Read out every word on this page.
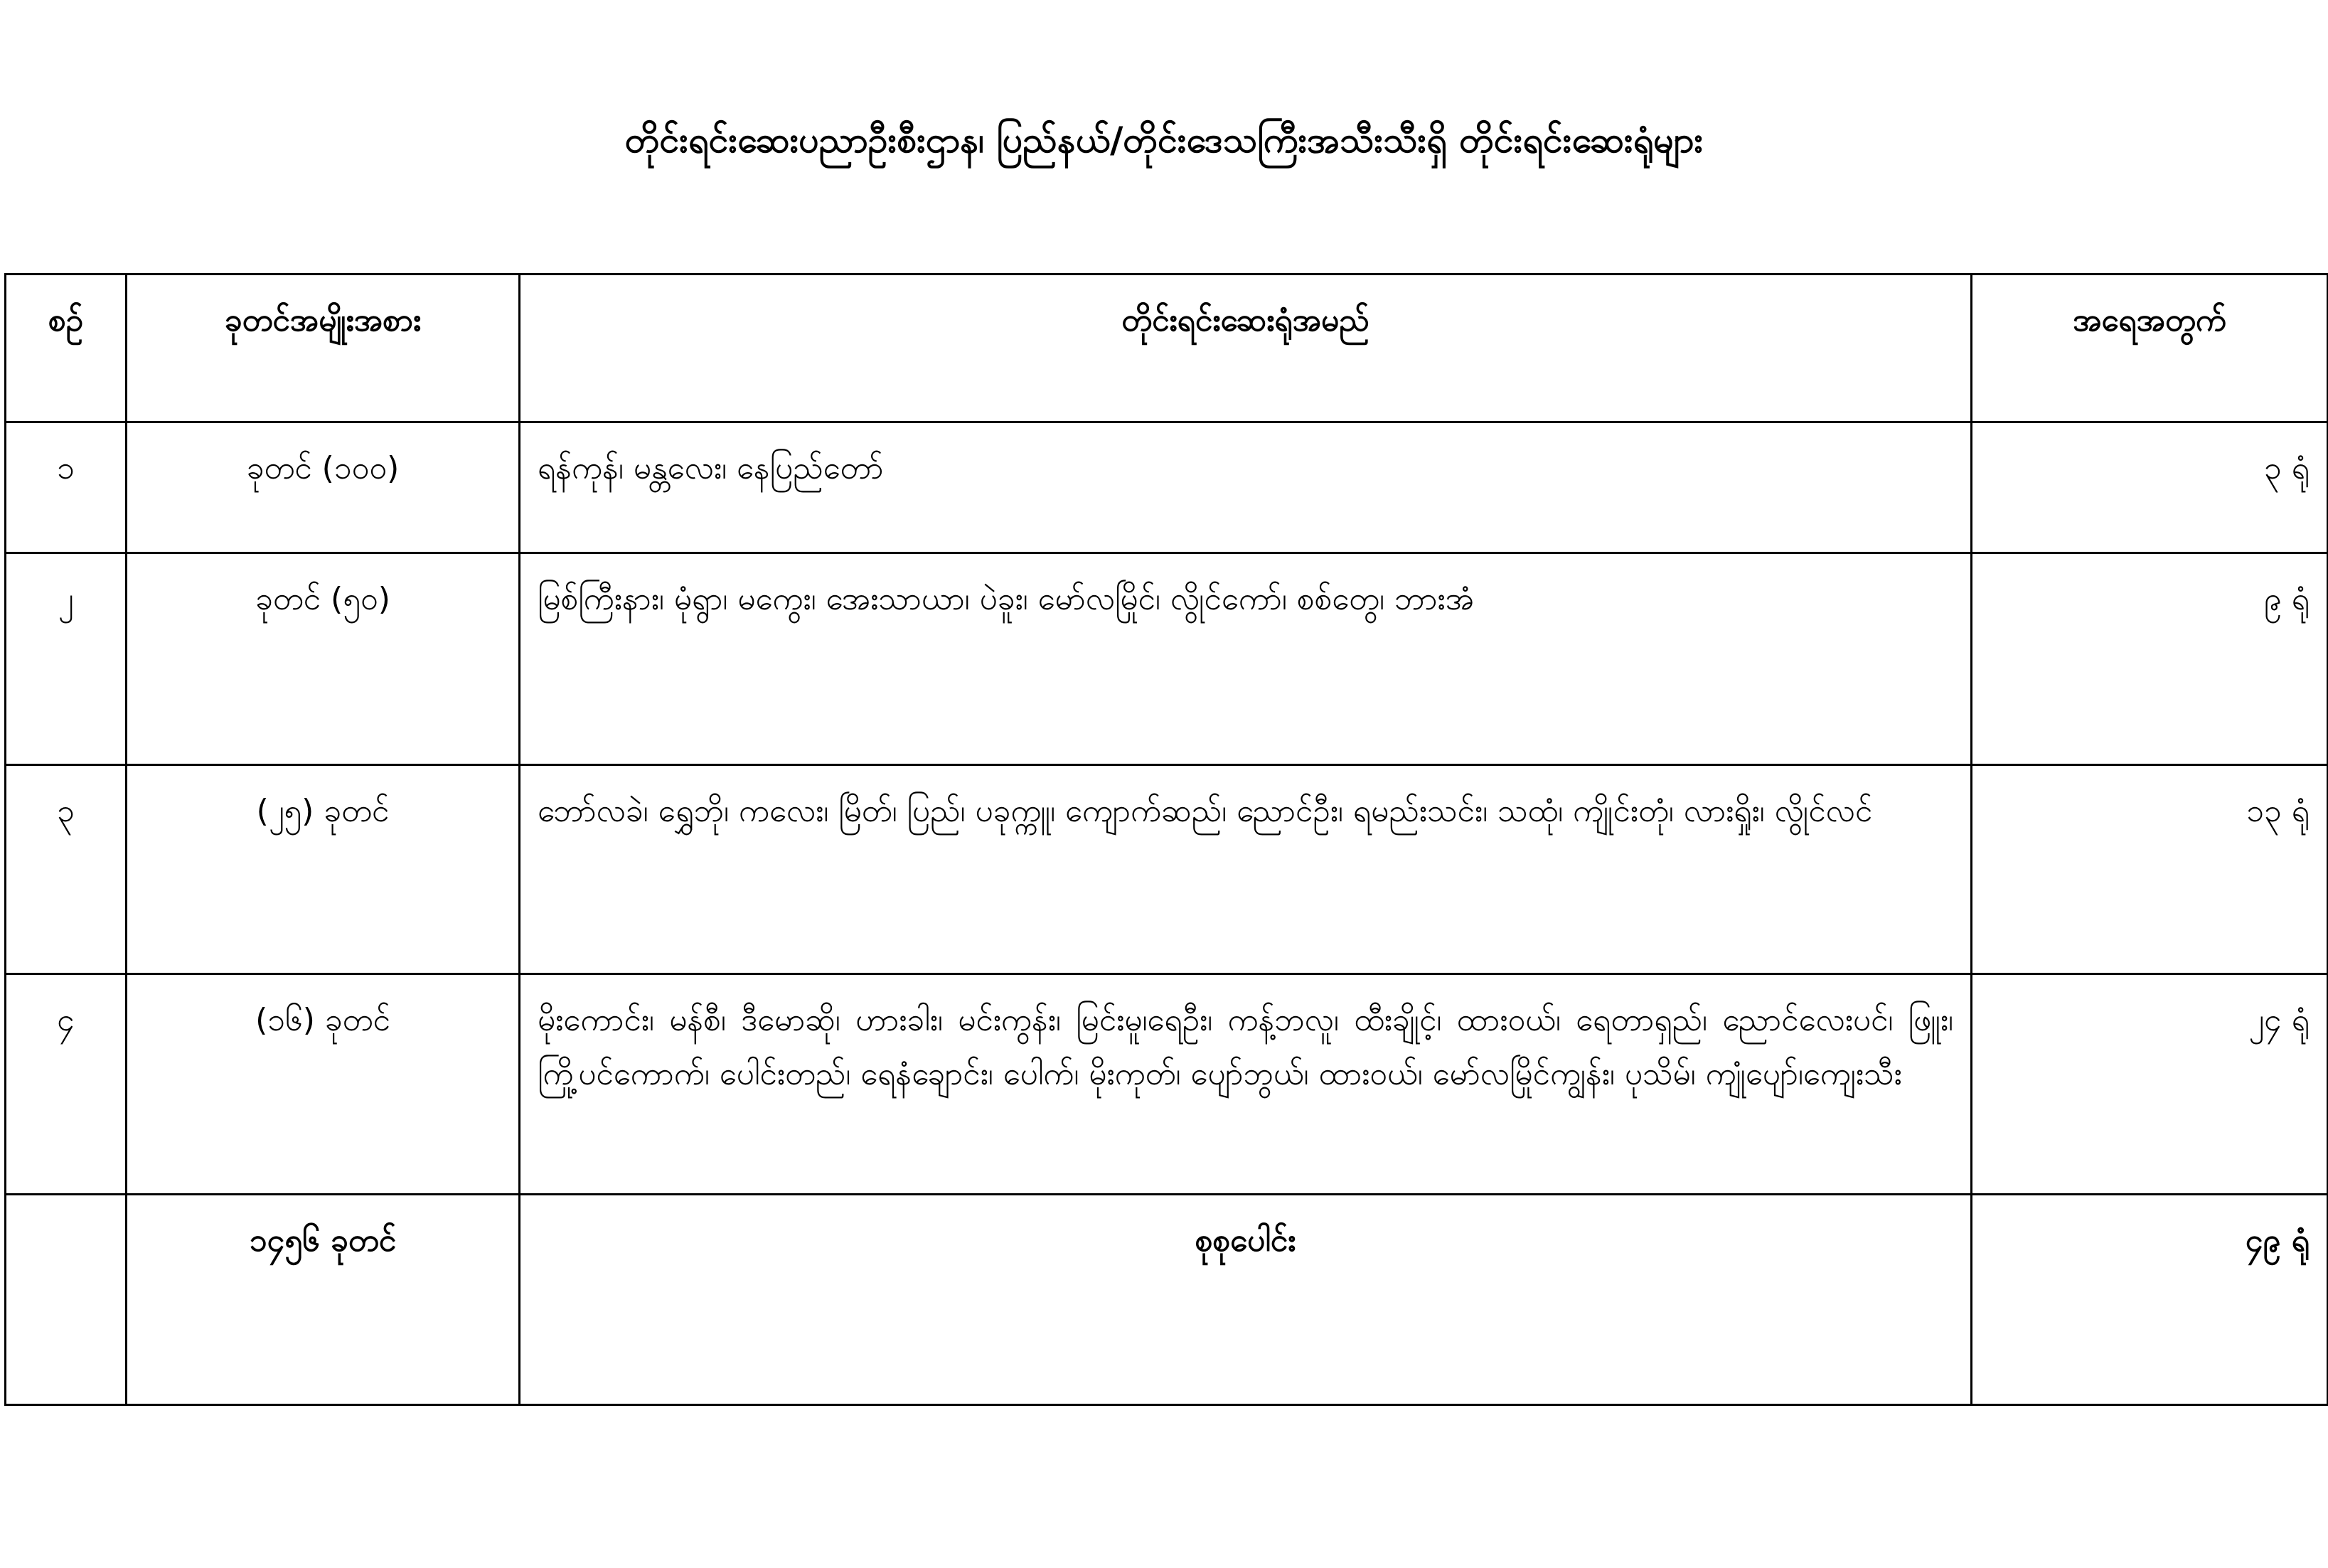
တိုင်းရင်းဆေးပညာဦးစီးဌာန၊ ပြည်နယ်/တိုင်းဒေသကြီးအသီးသီးရှိ တိုင်းရင်းဆေးရုံများ
စဉ်	ခုတင်အမျိုးအစား	တိုင်းရင်းဆေးရုံအမည်	အရေအတွက်
၁	ခုတင် (၁၀၀)	ရန်ကုန်၊ မန္တလေး၊ နေပြည်တော်	၃ ရုံ
၂	ခုတင် (၅၀)	မြစ်ကြီးနား၊ မုံရွာ၊ မကွေး၊ အေးသာယာ၊ ပဲခူး၊ မော်လမြိုင်၊ လွိုင်ကော်၊ စစ်တွေ၊ ဘားအံ	၉ ရုံ
၃	(၂၅) ခုတင်	ဘော်လခဲ၊ ရွှေဘို၊ ကလေး၊ မြိတ်၊ ပြည်၊ ပခုက္ကူ၊ ကျောက်ဆည်၊ ညောင်ဦး၊ ရမည်းသင်း၊ သထုံ၊ ကျိုင်းတုံ၊ လားရှိုး၊ လွိုင်လင်	၁၃ ရုံ
၄	(၁၆) ခုတင်	မိုးကောင်း၊ မန်စီ၊ ဒီမောဆို၊ ဟားခါး၊ မင်းကွန်း၊ မြင်းမူ၊ရေဦး၊ ကန့်ဘလူ၊ ထီးချိုင့်၊ ထားဝယ်၊ ရေတာရှည်၊ ညောင်လေးပင်၊ ဖြူး၊ ကြို့ပင်ကောက်၊ ပေါင်းတည်၊ ရေနံချောင်း၊ ပေါက်၊ မိုးကုတ်၊ ပျော်ဘွယ်၊ ထားဝယ်၊ မော်လမြိုင်ကျွန်း၊ ပုသိမ်၊ ကျုံပျော်၊ကျေးသီး	၂၄ ရုံ
	၁၄၅၆ ခုတင်	စုစုပေါင်း	၄၉ ရုံ
